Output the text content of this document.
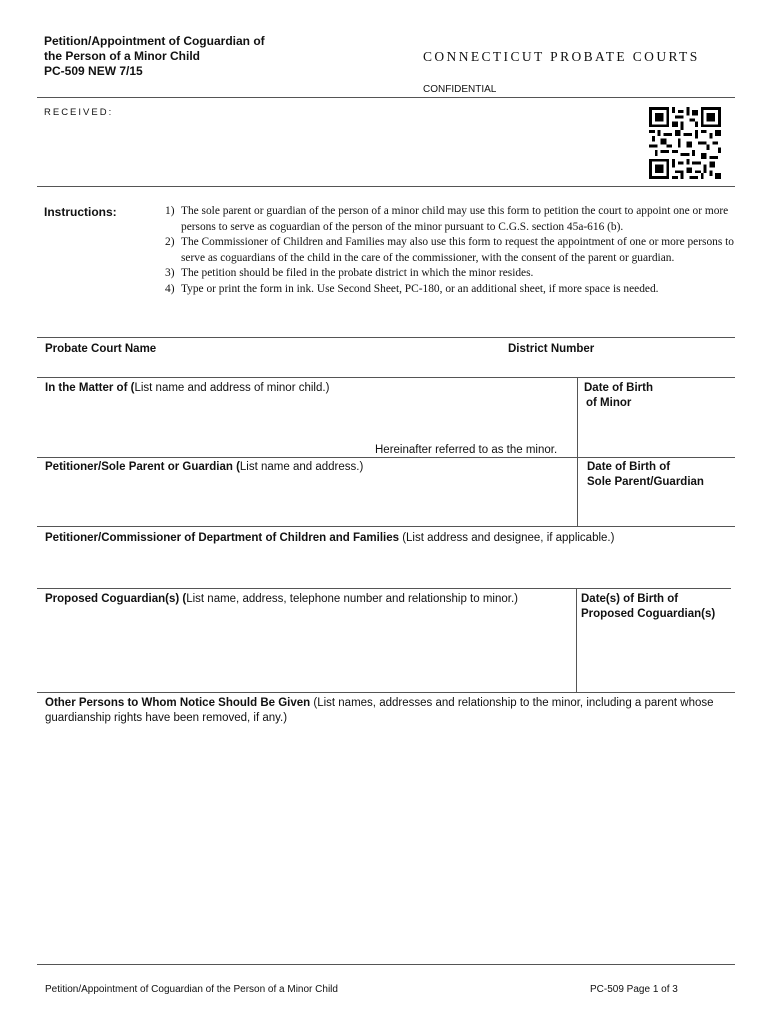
Petition/Appointment of Coguardian of
the Person of a Minor Child
PC-509 NEW 7/15
CONNECTICUT PROBATE COURTS
CONFIDENTIAL
RECEIVED:
Instructions:	1) The sole parent or guardian of the person of a minor child may use this form to petition the court to appoint one or more persons to serve as coguardian of the person of the minor pursuant to C.G.S. section 45a-616 (b).
2) The Commissioner of Children and Families may also use this form to request the appointment of one or more persons to serve as coguardians of the child in the care of the commissioner, with the consent of the parent or guardian.
3) The petition should be filed in the probate district in which the minor resides.
4) Type or print the form in ink. Use Second Sheet, PC-180, or an additional sheet, if more space is needed.
Probate Court Name	District Number
In the Matter of (List name and address of minor child.)	Date of Birth
of Minor
Hereinafter referred to as the minor.
Petitioner/Sole Parent or Guardian (List name and address.)	Date of Birth of
Sole Parent/Guardian
Petitioner/Commissioner of Department of Children and Families (List address and designee, if applicable.)
Proposed Coguardian(s) (List name, address, telephone number and relationship to minor.)	Date(s) of Birth of
Proposed Coguardian(s)
Other Persons to Whom Notice Should Be Given (List names, addresses and relationship to the minor, including a parent whose guardianship rights have been removed, if any.)
Petition/Appointment of Coguardian of the Person of a Minor Child	PC-509 Page 1 of 3
